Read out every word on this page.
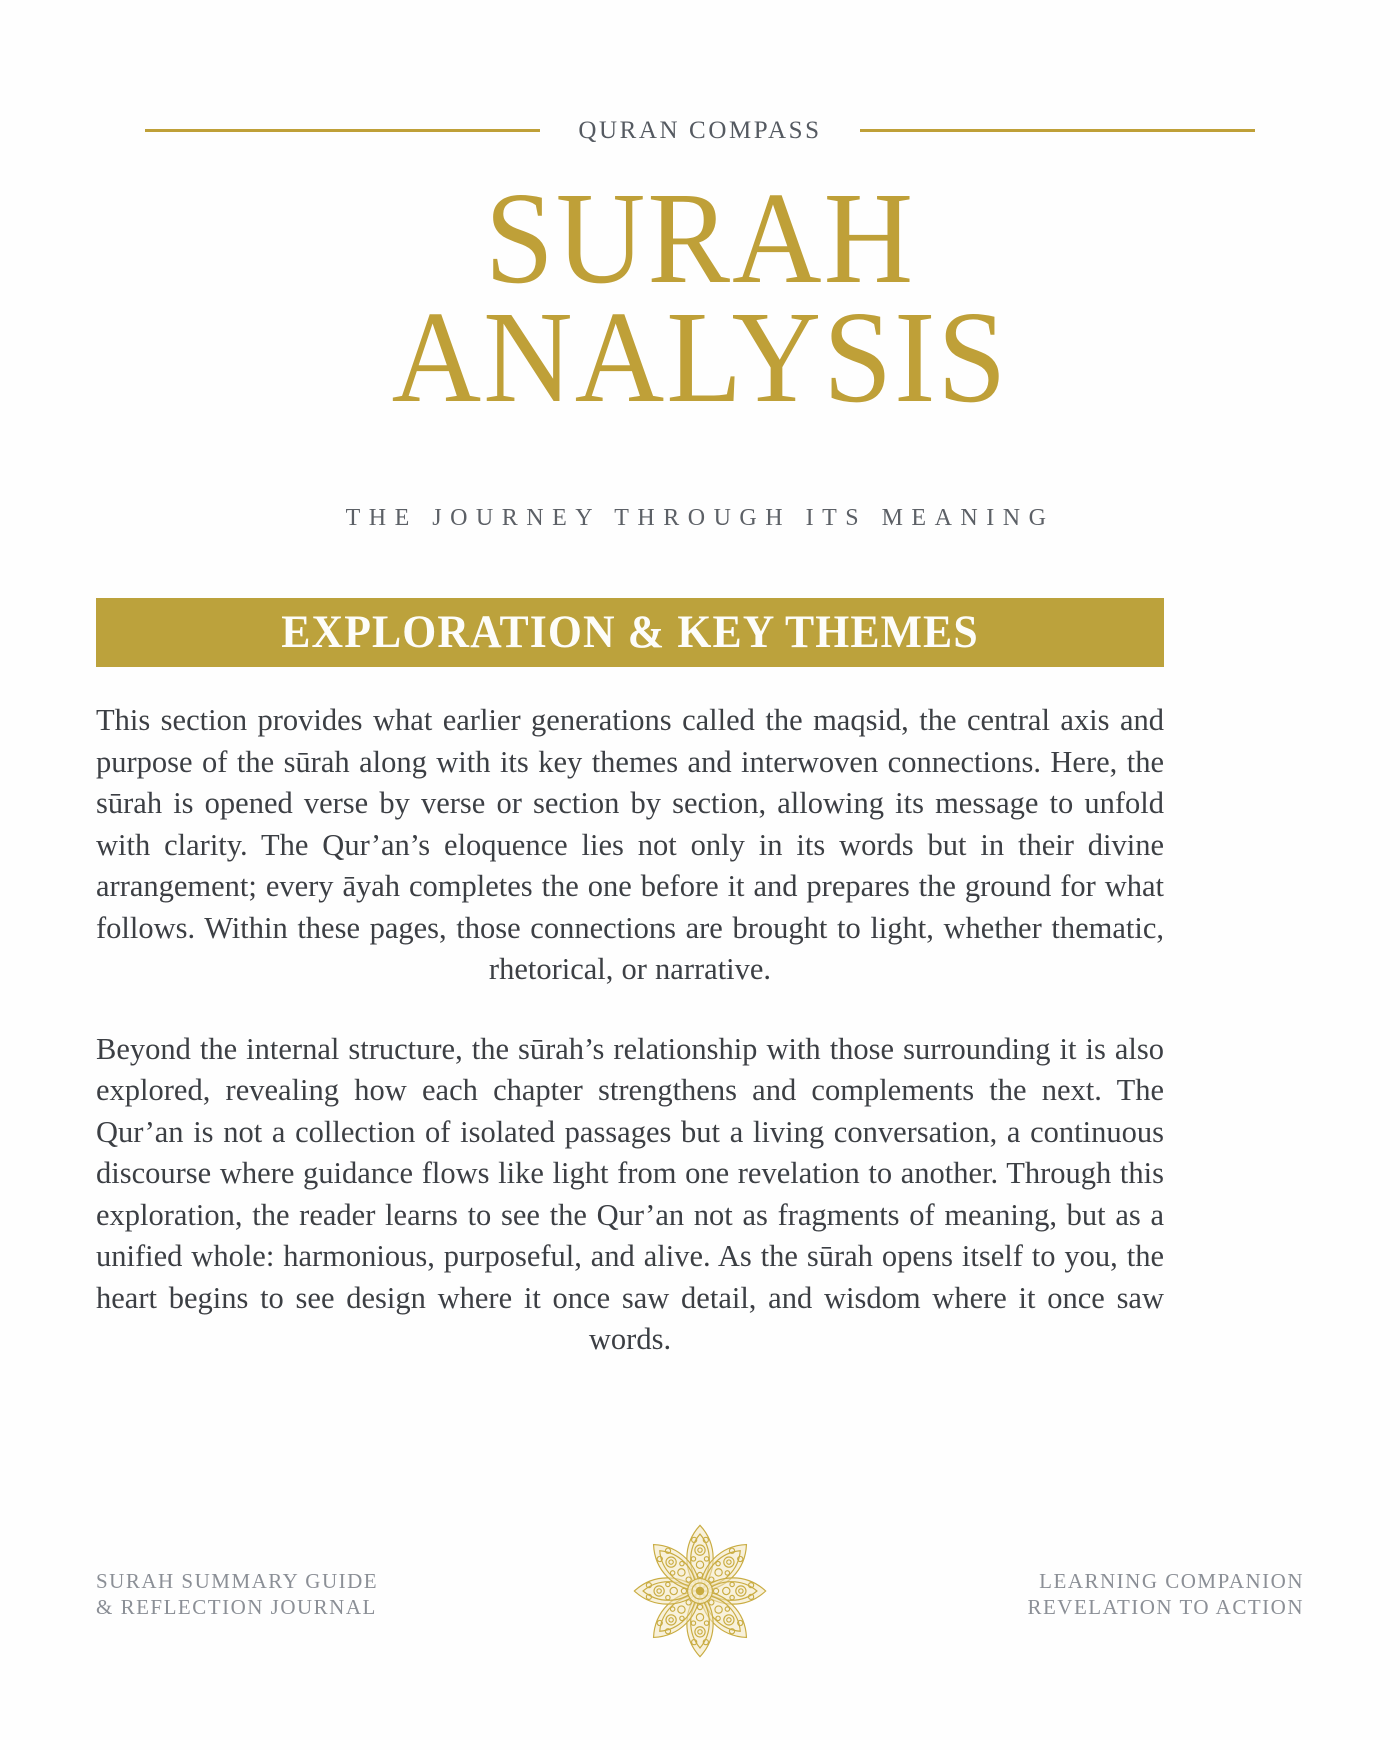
QURAN COMPASS
SURAH
ANALYSIS
THE JOURNEY THROUGH ITS MEANING
EXPLORATION & KEY THEMES

This section provides what earlier generations called the maqsid, the central axis and purpose of the sūrah along with its key themes and interwoven connections. Here, the sūrah is opened verse by verse or section by section, allowing its message to unfold with clarity. The Qur’an’s eloquence lies not only in its words but in their divine arrangement; every āyah completes the one before it and prepares the ground for what follows. Within these pages, those connections are brought to light, whether thematic, rhetorical, or narrative.

Beyond the internal structure, the sūrah’s relationship with those surrounding it is also explored, revealing how each chapter strengthens and complements the next. The Qur’an is not a collection of isolated passages but a living conversation, a continuous discourse where guidance flows like light from one revelation to another. Through this exploration, the reader learns to see the Qur’an not as fragments of meaning, but as a unified whole: harmonious, purposeful, and alive. As the sūrah opens itself to you, the heart begins to see design where it once saw detail, and wisdom where it once saw words.

SURAH SUMMARY GUIDE
& REFLECTION JOURNAL
LEARNING COMPANION
REVELATION TO ACTION
